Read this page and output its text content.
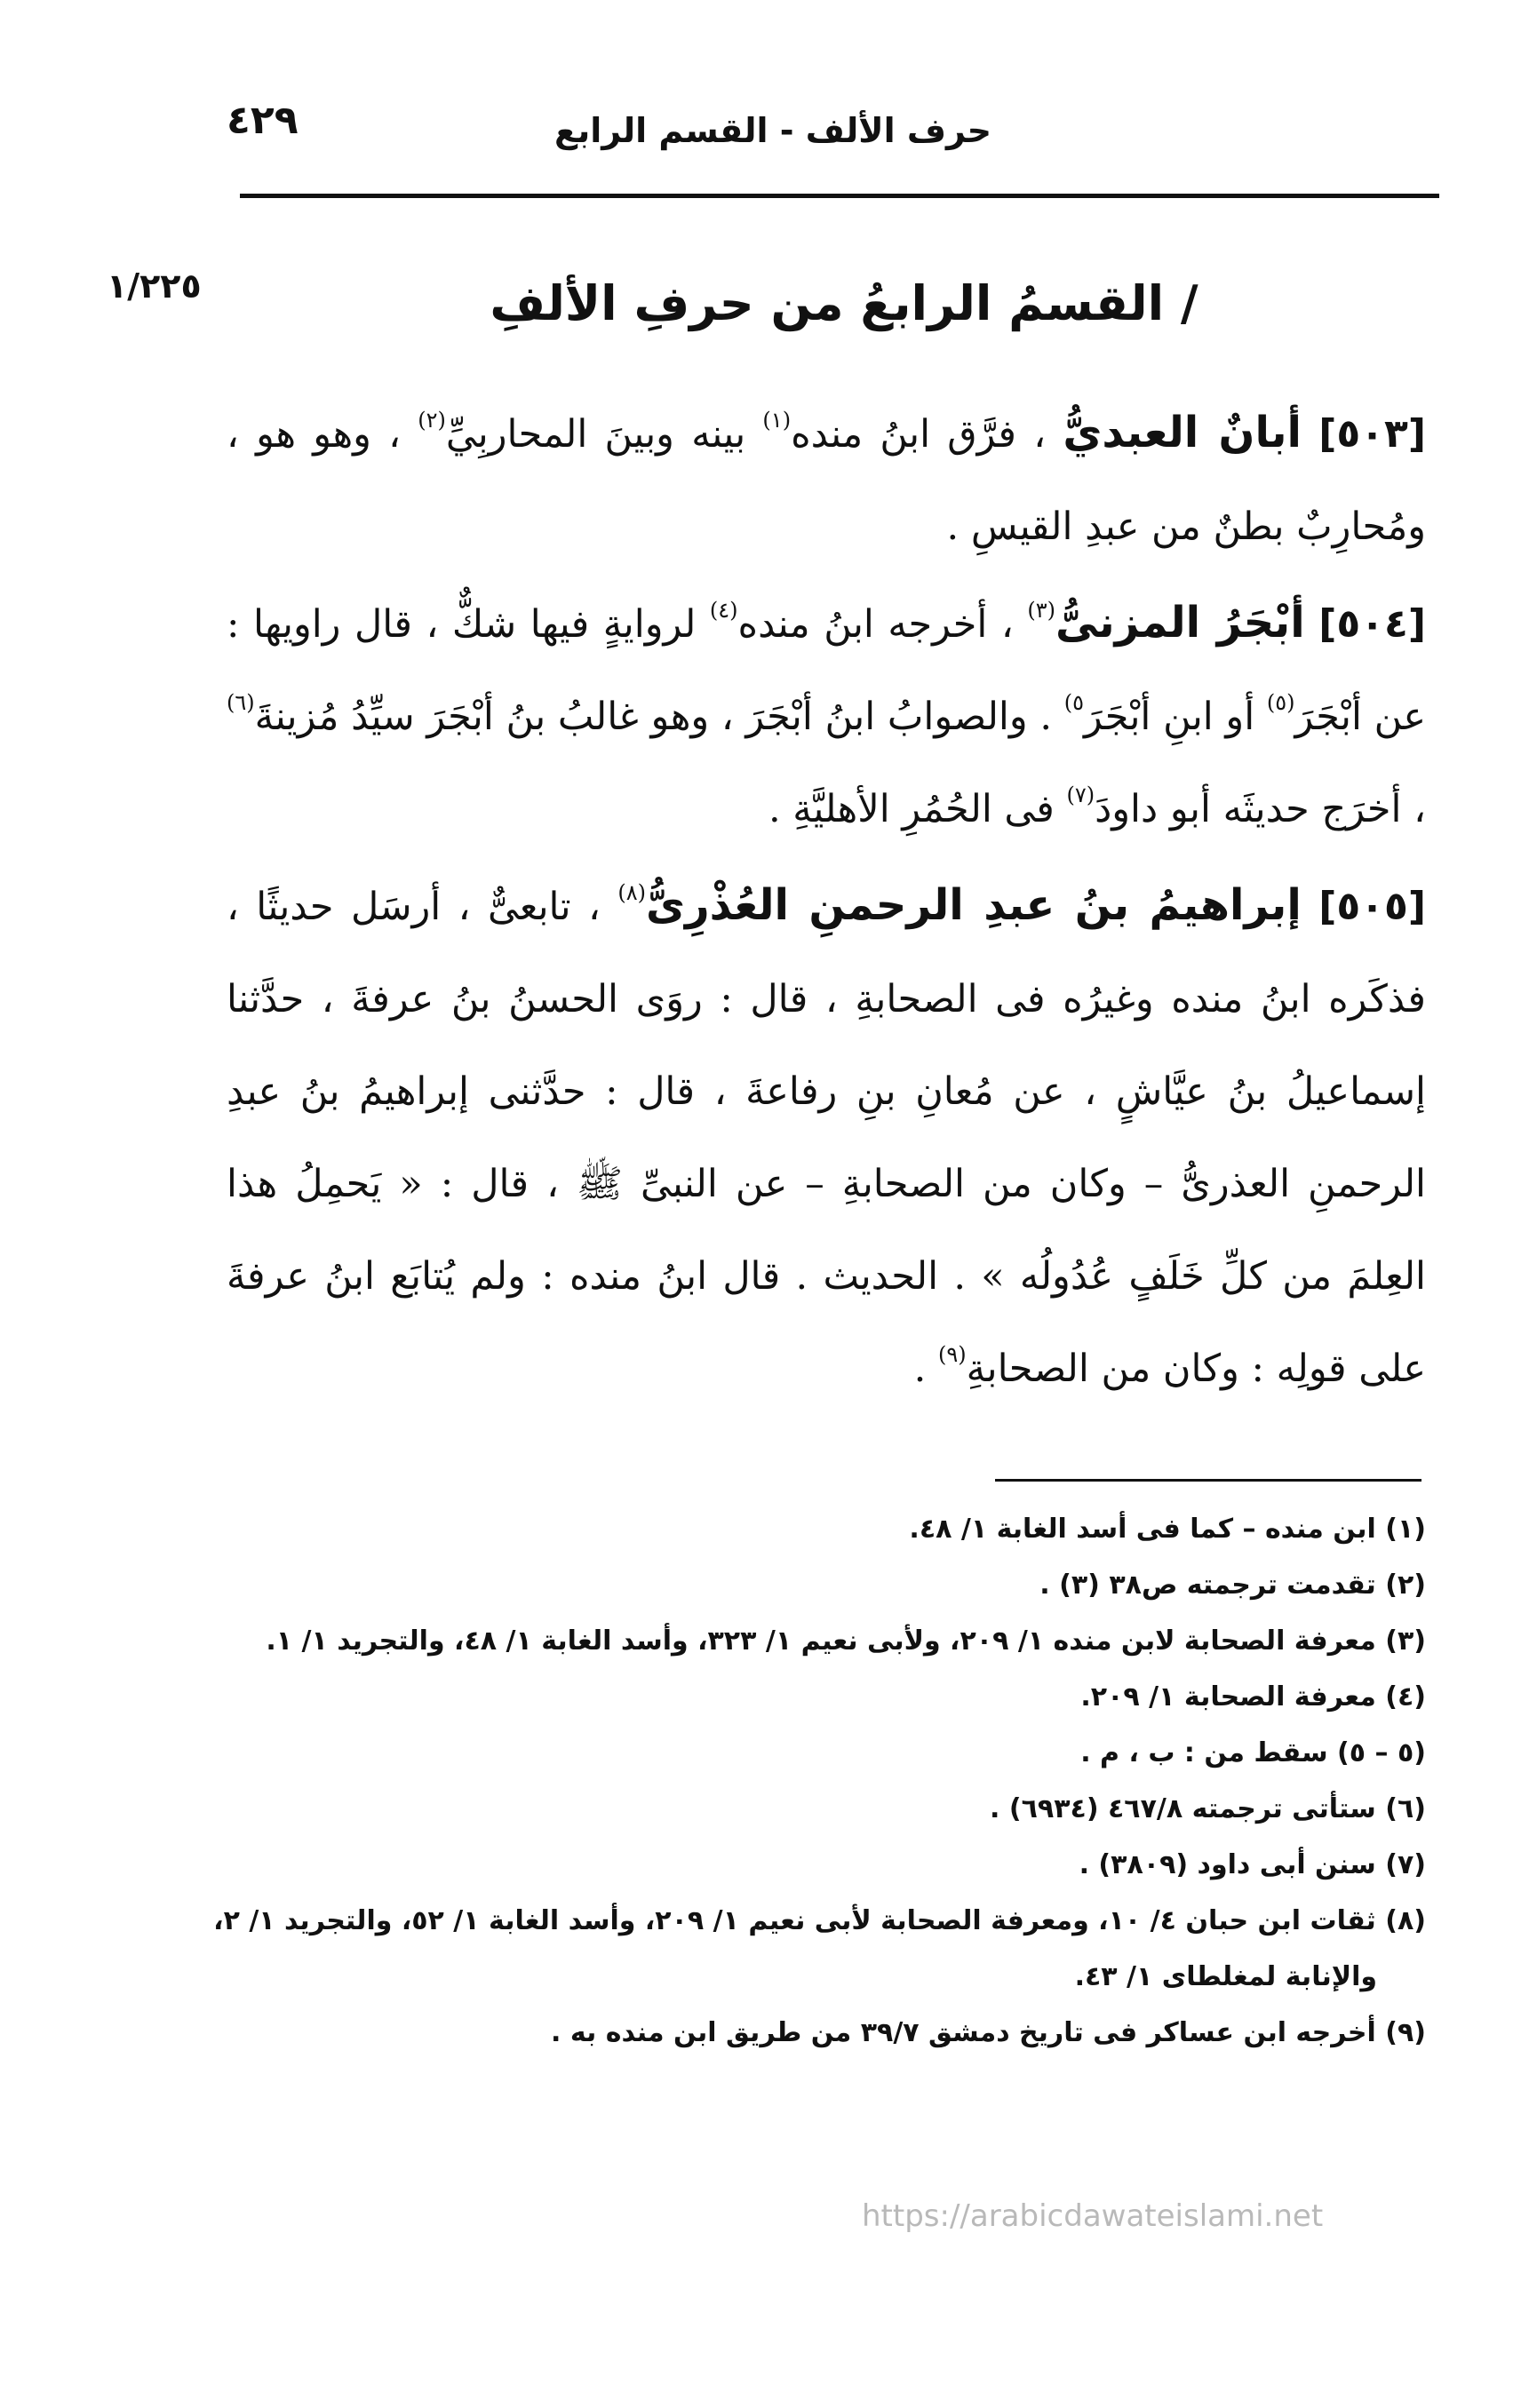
حرف الألف - القسم الرابع
٤٢٩
١/٢٢٥	/ القسمُ الرابعُ من حرفِ الألفِ

[٥٠٣] أبانٌ العبديُّ ، فرَّق ابنُ منده$^{(١)}$ بينه وبينَ المحاربِيِّ$^{(٢)}$ ، وهو هو ، ومُحارِبٌ بطنٌ من عبدِ القيسِ .

[٥٠٤] أبْجَرُ المزنىُّ$^{(٣)}$ ، أخرجه ابنُ منده$^{(٤)}$ لروايةٍ فيها شكٌّ ، قال راويها : عن أبْجَرَ$^{(٥)}$ أو ابنِ أبْجَرَ$^{٥)}$ . والصوابُ ابنُ أبْجَرَ ، وهو غالبُ بنُ أبْجَرَ سيِّدُ مُزينةَ$^{(٦)}$ ، أخرَج حديثَه أبو داودَ$^{(٧)}$ فى الحُمُرِ الأهليَّةِ .

[٥٠٥] إبراهيمُ بنُ عبدِ الرحمنِ العُذْرِىُّ$^{(٨)}$ ، تابعىٌّ ، أرسَل حديثًا ، فذكَره ابنُ منده وغيرُه فى الصحابةِ ، قال : روَى الحسنُ بنُ عرفةَ ، حدَّثنا إسماعيلُ بنُ عيَّاشٍ ، عن مُعانِ بنِ رفاعةَ ، قال : حدَّثنى إبراهيمُ بنُ عبدِ الرحمنِ العذرىُّ – وكان من الصحابةِ – عن النبىِّ ﷺ ، قال : « يَحمِلُ هذا العِلمَ من كلِّ خَلَفٍ عُدُولُه » . الحديث . قال ابنُ منده : ولم يُتابَع ابنُ عرفةَ على قولِه : وكان من الصحابةِ$^{(٩)}$ .

(١) ابن منده – كما فى أسد الغابة ١/ ٤٨.
(٢) تقدمت ترجمته ص٣٨ (٣) .
(٣) معرفة الصحابة لابن منده ١/ ٢٠٩، ولأبى نعيم ١/ ٣٢٣، وأسد الغابة ١/ ٤٨، والتجريد ١/ ١.
(٤) معرفة الصحابة ١/ ٢٠٩.
(٥ – ٥) سقط من : ب ، م .
(٦) ستأتى ترجمته ٤٦٧/٨ (٦٩٣٤) .
(٧) سنن أبى داود (٣٨٠٩) .
(٨) ثقات ابن حبان ٤/ ١٠، ومعرفة الصحابة لأبى نعيم ١/ ٢٠٩، وأسد الغابة ١/ ٥٢، والتجريد ١/ ٢،
والإنابة لمغلطاى ١/ ٤٣.
(٩) أخرجه ابن عساكر فى تاريخ دمشق ٣٩/٧ من طريق ابن منده به .
https://arabicdawateislami.net
